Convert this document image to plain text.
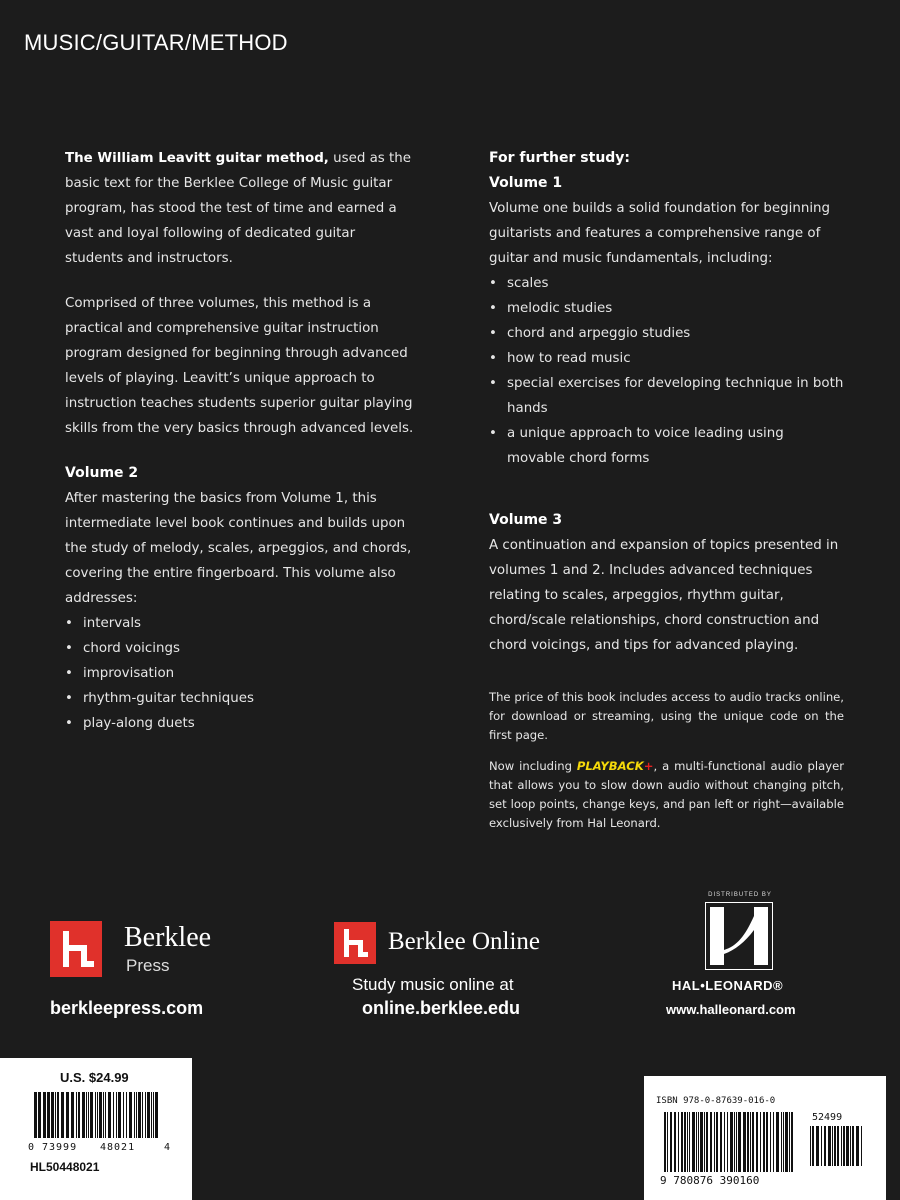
MUSIC/GUITAR/METHOD

The William Leavitt guitar method, used as the basic text for the Berklee College of Music guitar program, has stood the test of time and earned a vast and loyal following of dedicated guitar students and instructors.

Comprised of three volumes, this method is a practical and comprehensive guitar instruction program designed for beginning through advanced levels of playing. Leavitt’s unique approach to instruction teaches students superior guitar playing skills from the very basics through advanced levels.

Volume 2
After mastering the basics from Volume 1, this intermediate level book continues and builds upon the study of melody, scales, arpeggios, and chords, covering the entire fingerboard. This volume also addresses:
• intervals
• chord voicings
• improvisation
• rhythm-guitar techniques
• play-along duets
For further study:
Volume 1
Volume one builds a solid foundation for beginning guitarists and features a comprehensive range of guitar and music fundamentals, including:
• scales
• melodic studies
• chord and arpeggio studies
• how to read music
• special exercises for developing technique in both hands
• a unique approach to voice leading using movable chord forms
Volume 3
A continuation and expansion of topics presented in volumes 1 and 2. Includes advanced techniques relating to scales, arpeggios, rhythm guitar, chord/scale relationships, chord construction and chord voicings, and tips for advanced playing.
The price of this book includes access to audio tracks online, for download or streaming, using the unique code on the first page.
Now including PLAYBACK+, a multi-functional audio player that allows you to slow down audio without changing pitch, set loop points, change keys, and pan left or right—available exclusively from Hal Leonard.
Berklee
Press
berkleepress.com
Berklee Online
Study music online at
online.berklee.edu
DISTRIBUTED BY
HAL•LEONARD®
www.halleonard.com
U.S. $24.99
0 73999 48021	4
HL50448021
ISBN 978-0-87639-016-0
52499
9 780876 390160
